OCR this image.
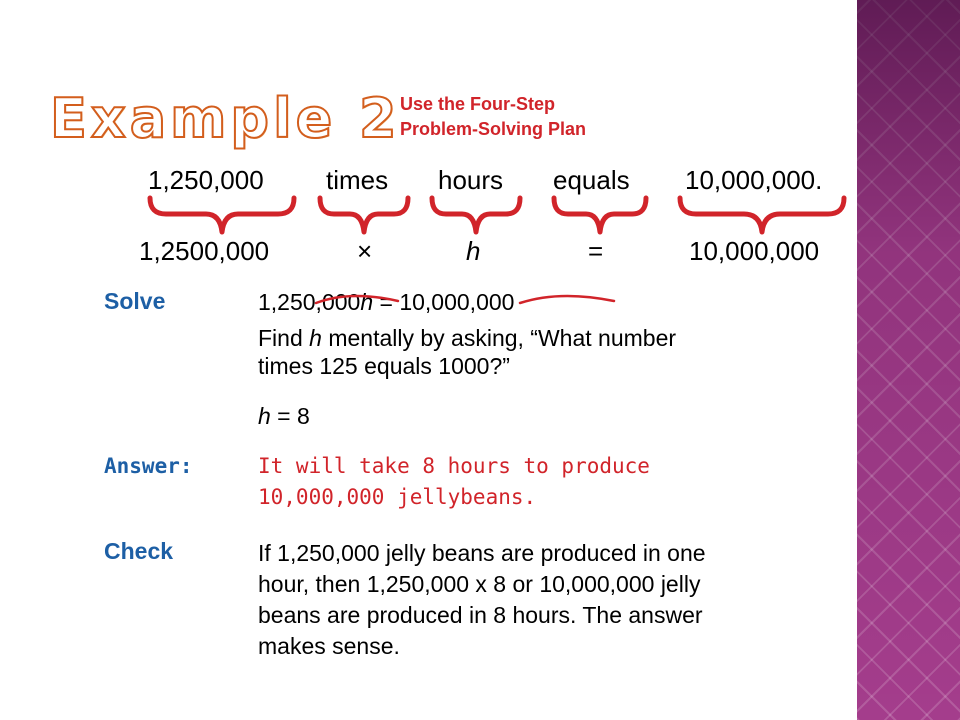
Example 2 Use the Four-Step
Problem-Solving Plan
1,250,000 times hours equals 10,000,000.
1,2500,000	×	h	=	10,000,000
Solve	1,250,000h = 10,000,000
Find h mentally by asking, “What number
times 125 equals 1000?”
h = 8
Answer:	It will take 8 hours to produce
10,000,000 jellybeans.
Check	If 1,250,000 jelly beans are produced in one
hour, then 1,250,000 x 8 or 10,000,000 jelly
beans are produced in 8 hours. The answer
makes sense.
